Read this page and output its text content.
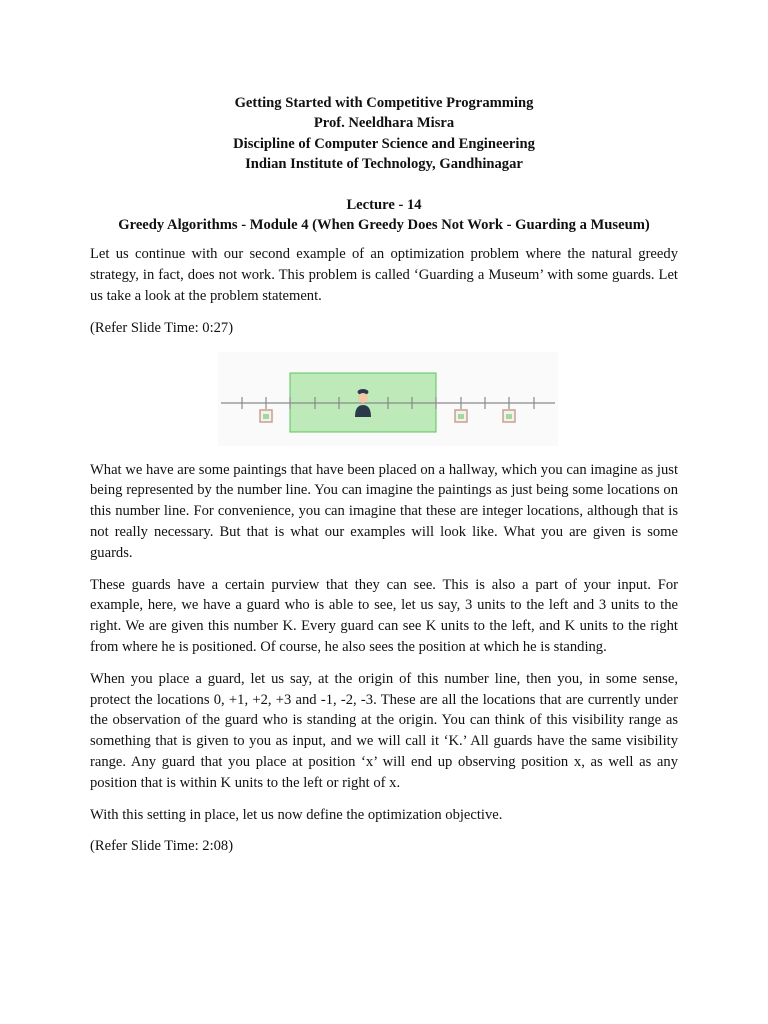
Getting Started with Competitive Programming

Prof. Neeldhara Misra

Discipline of Computer Science and Engineering

Indian Institute of Technology, Gandhinagar

Lecture - 14

Greedy Algorithms - Module 4 (When Greedy Does Not Work - Guarding a Museum)

Let us continue with our second example of an optimization problem where the natural greedy strategy, in fact, does not work. This problem is called ‘Guarding a Museum’ with some guards. Let us take a look at the problem statement.

(Refer Slide Time: 0:27)

What we have are some paintings that have been placed on a hallway, which you can imagine as just being represented by the number line. You can imagine the paintings as just being some locations on this number line. For convenience, you can imagine that these are integer locations, although that is not really necessary. But that is what our examples will look like. What you are given is some guards.

These guards have a certain purview that they can see. This is also a part of your input. For example, here, we have a guard who is able to see, let us say, 3 units to the left and 3 units to the right. We are given this number K. Every guard can see K units to the left, and K units to the right from where he is positioned. Of course, he also sees the position at which he is standing.

When you place a guard, let us say, at the origin of this number line, then you, in some sense, protect the locations 0, +1, +2, +3 and -1, -2, -3. These are all the locations that are currently under the observation of the guard who is standing at the origin. You can think of this visibility range as something that is given to you as input, and we will call it ‘K.’ All guards have the same visibility range. Any guard that you place at position ‘x’ will end up observing position x, as well as any position that is within K units to the left or right of x.

With this setting in place, let us now define the optimization objective.

(Refer Slide Time: 2:08)
